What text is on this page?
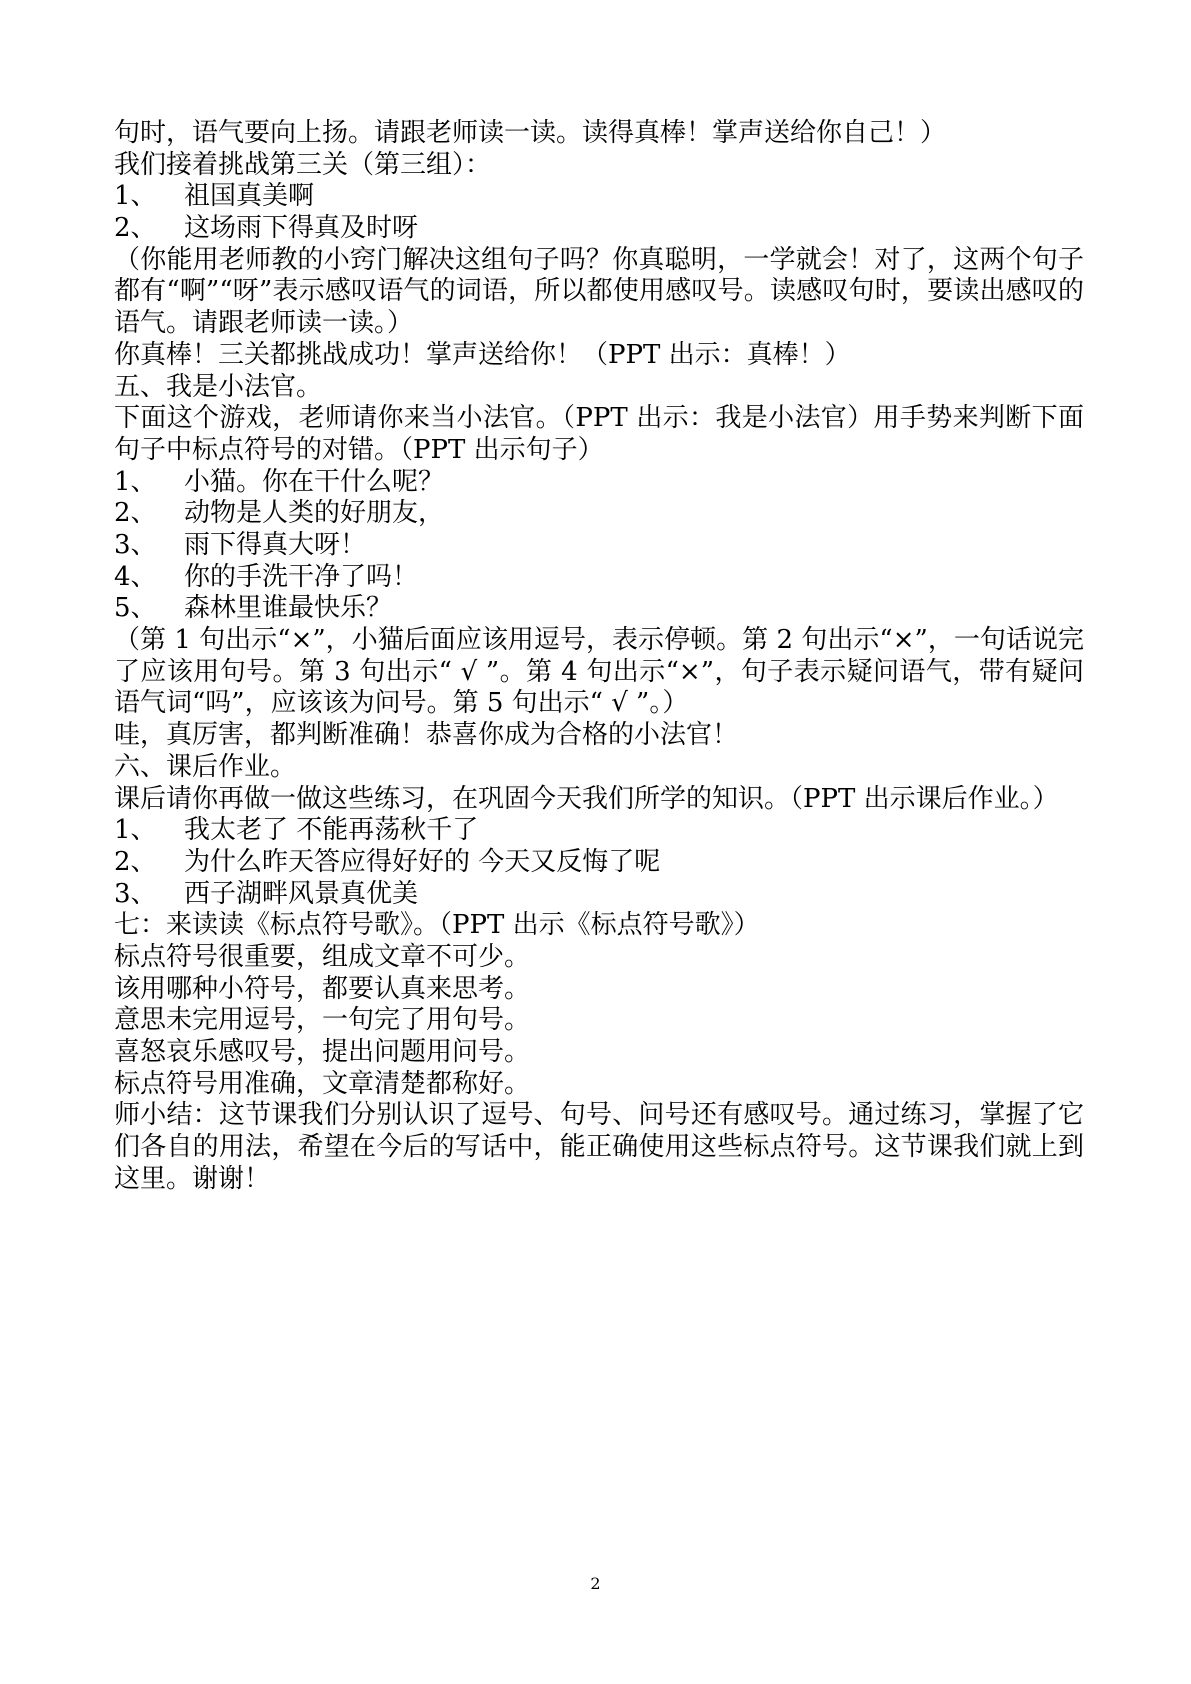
句时，语气要向上扬。请跟老师读一读。读得真棒！掌声送给你自己！）
我们接着挑战第三关（第三组）：
1、 祖国真美啊
2、 这场雨下得真及时呀
（你能用老师教的小窍门解决这组句子吗？你真聪明，一学就会！对了，这两个句子都有“啊”“呀”表示感叹语气的词语，所以都使用感叹号。读感叹句时，要读出感叹的语气。请跟老师读一读。）
你真棒！三关都挑战成功！掌声送给你！（PPT 出示：真棒！）
五、我是小法官。
下面这个游戏，老师请你来当小法官。（PPT 出示：我是小法官）用手势来判断下面句子中标点符号的对错。（PPT 出示句子）
1、 小猫。你在干什么呢？
2、 动物是人类的好朋友，
3、 雨下得真大呀！
4、 你的手洗干净了吗！
5、 森林里谁最快乐？
（第 1 句出示“×”，小猫后面应该用逗号，表示停顿。第 2 句出示“×”，一句话说完了应该用句号。第 3 句出示“ √ ”。第 4 句出示“×”，句子表示疑问语气，带有疑问语气词“吗”，应该该为问号。第 5 句出示“ √ ”。）
哇，真厉害，都判断准确！恭喜你成为合格的小法官！
六、课后作业。
课后请你再做一做这些练习，在巩固今天我们所学的知识。（PPT 出示课后作业。）
1、 我太老了 不能再荡秋千了
2、 为什么昨天答应得好好的 今天又反悔了呢
3、 西子湖畔风景真优美
七：来读读《标点符号歌》。（PPT 出示《标点符号歌》）
标点符号很重要，组成文章不可少。
该用哪种小符号，都要认真来思考。
意思未完用逗号，一句完了用句号。
喜怒哀乐感叹号，提出问题用问号。
标点符号用准确，文章清楚都称好。
师小结：这节课我们分别认识了逗号、句号、问号还有感叹号。通过练习，掌握了它们各自的用法，希望在今后的写话中，能正确使用这些标点符号。这节课我们就上到这里。谢谢！
2
